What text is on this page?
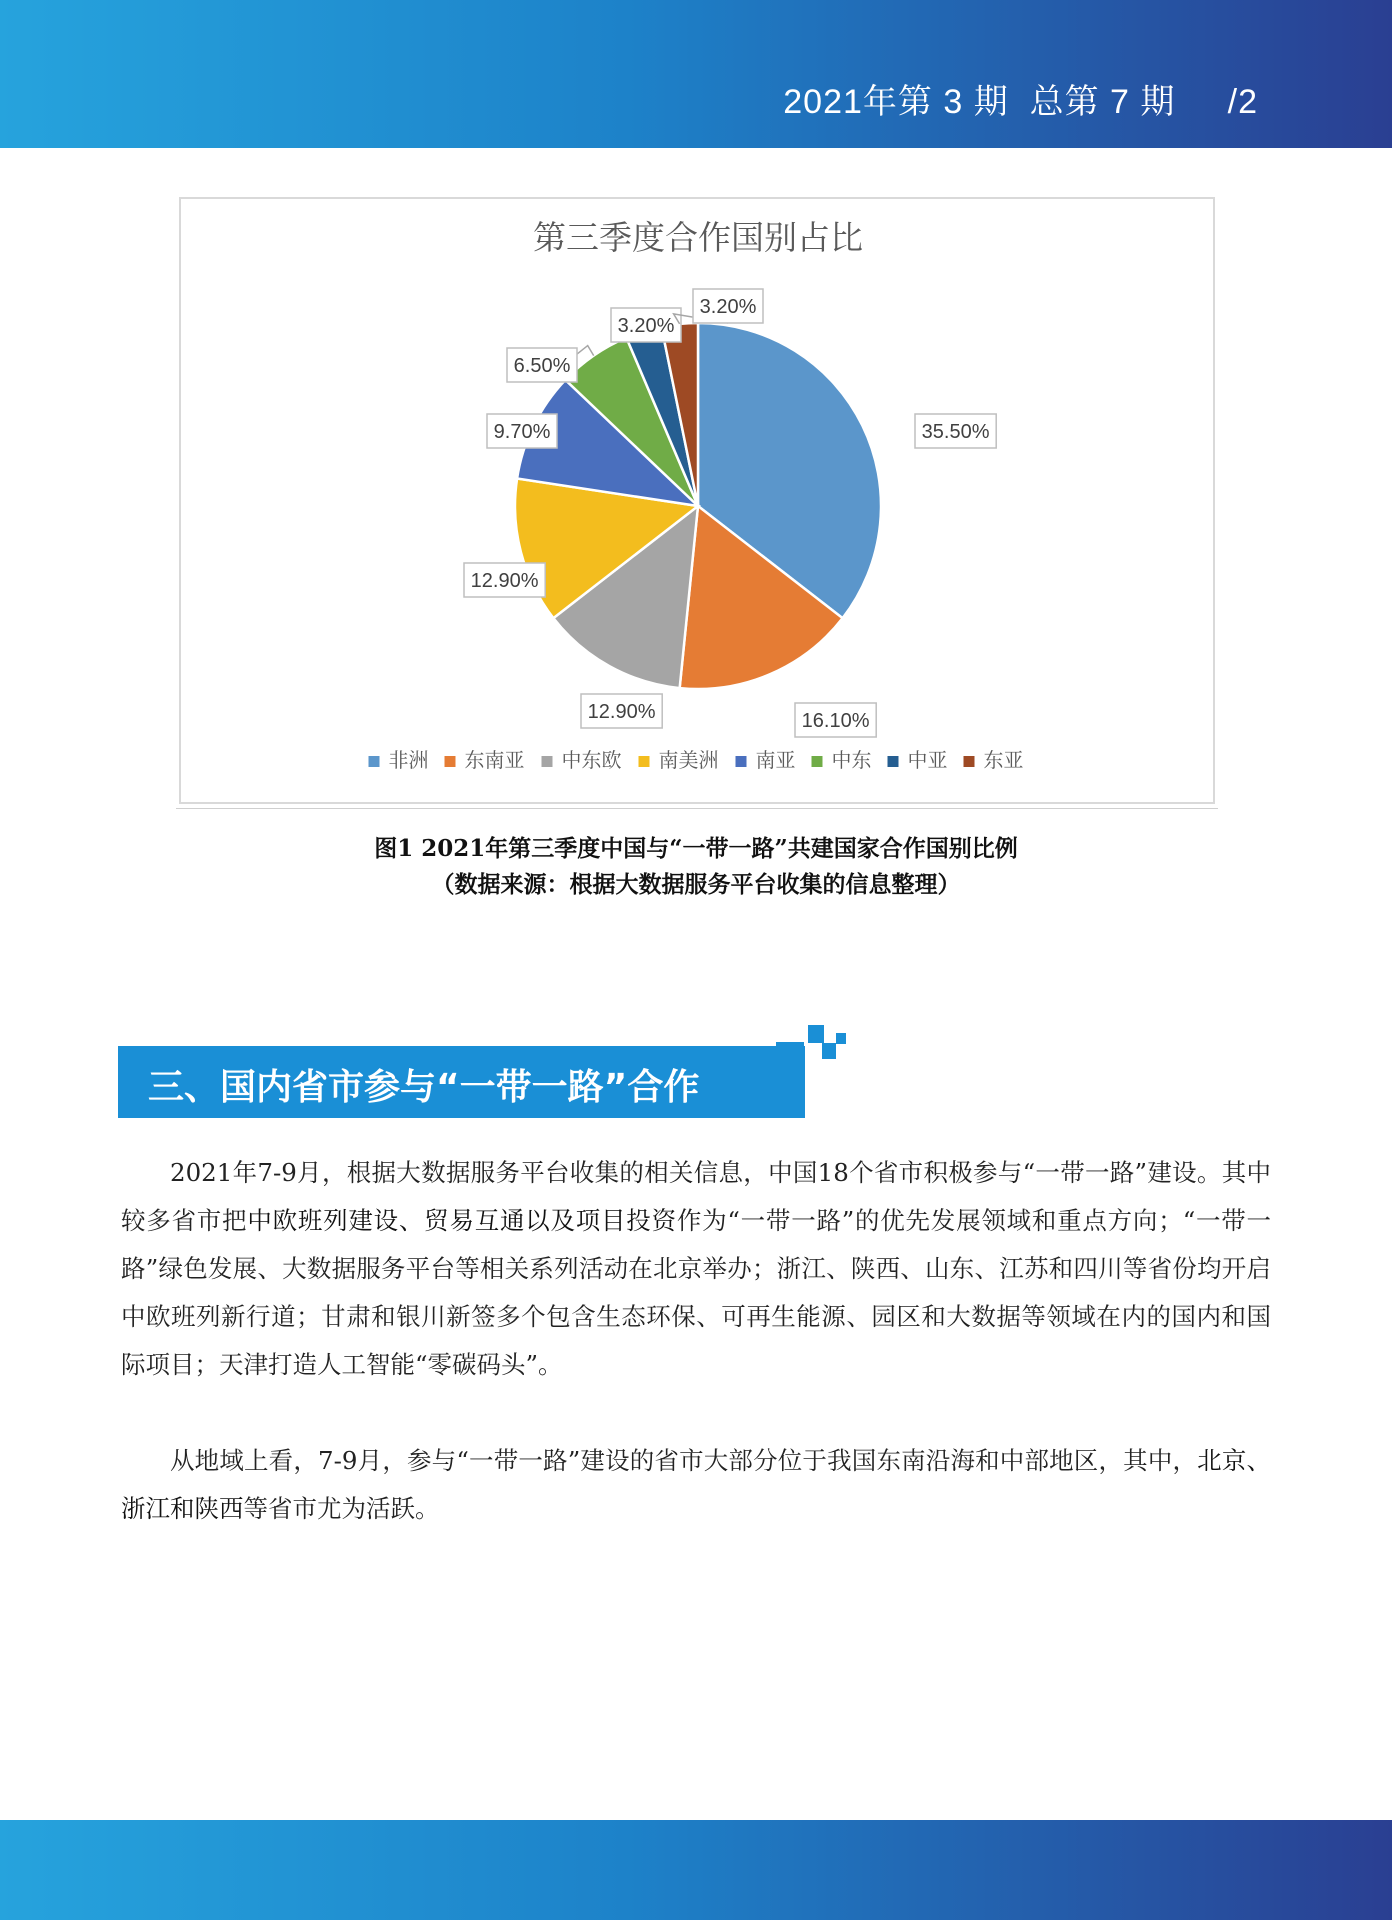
2021年第 3 期  总第 7 期     /2
第三季度合作国别占比
35.50%
16.10%
12.90%
12.90%
9.70%
6.50%
3.20%
3.20%
非洲 东南亚 中东欧 南美洲 南亚 中东 中亚 东亚
图1 2021年第三季度中国与“一带一路”共建国家合作国别比例
（数据来源：根据大数据服务平台收集的信息整理）
三、国内省市参与“一带一路”合作

2021年7-9月，根据大数据服务平台收集的相关信息，中国18个省市积极参与“一带一路”建设。其中较多省市把中欧班列建设、贸易互通以及项目投资作为“一带一路”的优先发展领域和重点方向；“一带一路”绿色发展、大数据服务平台等相关系列活动在北京举办；浙江、陕西、山东、江苏和四川等省份均开启中欧班列新行道；甘肃和银川新签多个包含生态环保、可再生能源、园区和大数据等领域在内的国内和国际项目；天津打造人工智能“零碳码头”。

从地域上看，7-9月，参与“一带一路”建设的省市大部分位于我国东南沿海和中部地区，其中，北京、浙江和陕西等省市尤为活跃。
